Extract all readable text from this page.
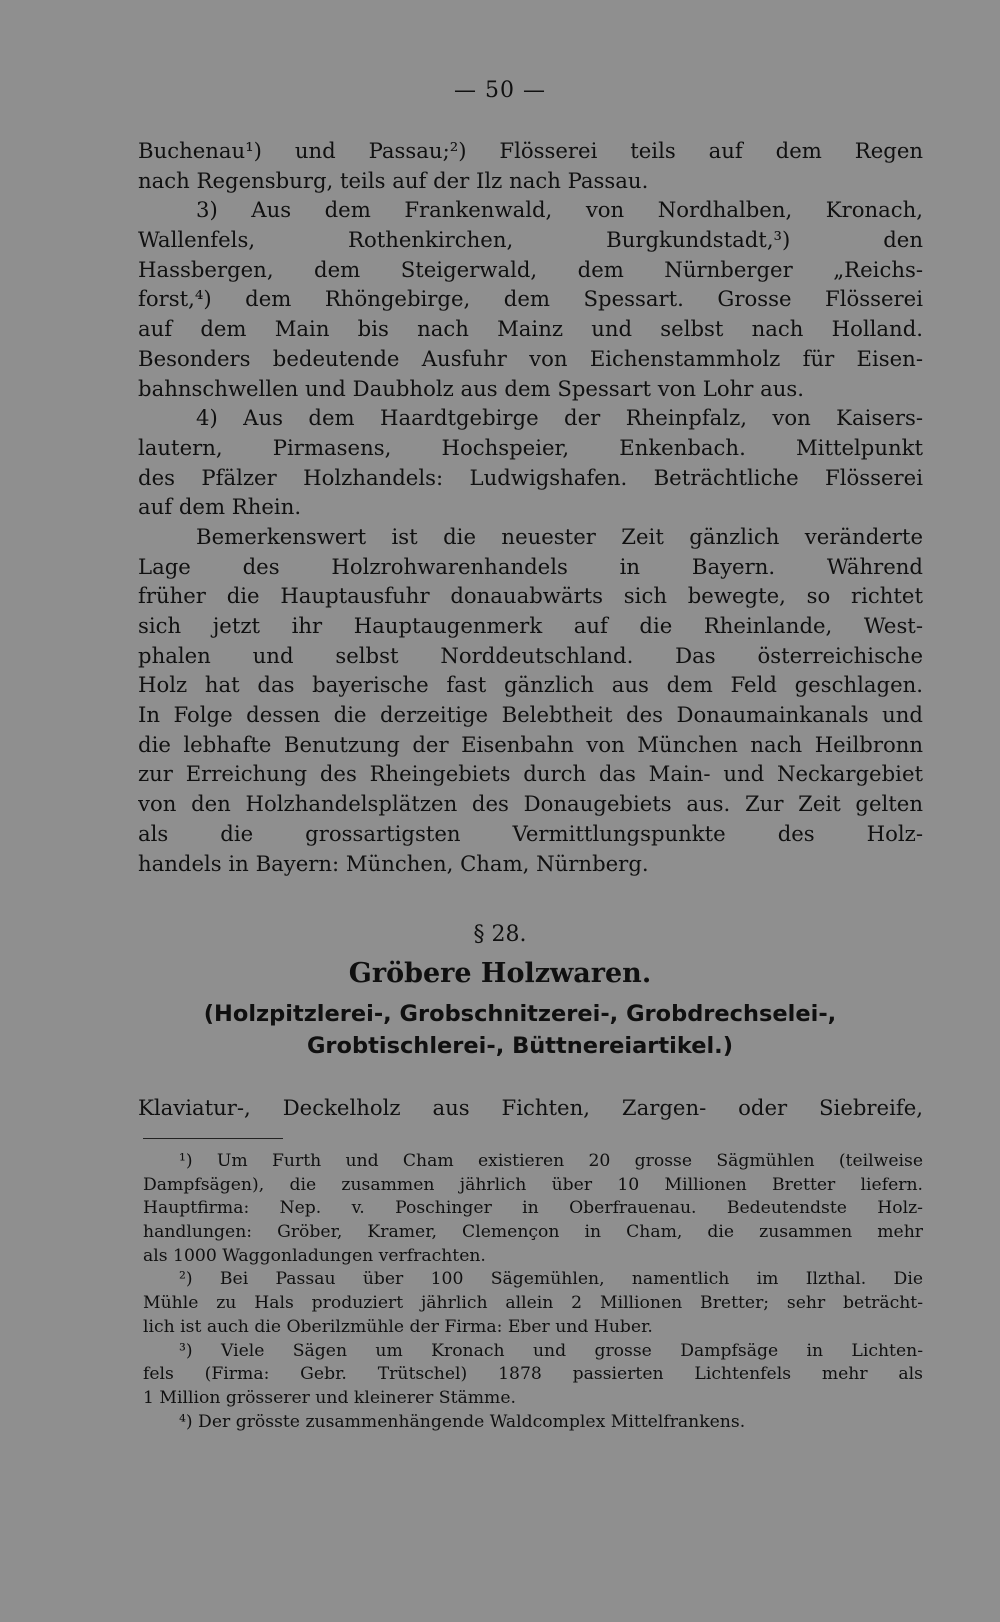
— 50 —
Buchenau¹) und Passau;²) Flösserei teils auf dem Regen
nach Regensburg, teils auf der Ilz nach Passau.
3) Aus dem Frankenwald, von Nordhalben, Kronach,
Wallenfels, Rothenkirchen, Burgkundstadt,³) den
Hassbergen, dem Steigerwald, dem Nürnberger „Reichs-
forst,⁴) dem Rhöngebirge, dem Spessart. Grosse Flösserei
auf dem Main bis nach Mainz und selbst nach Holland.
Besonders bedeutende Ausfuhr von Eichenstammholz für Eisen-
bahnschwellen und Daubholz aus dem Spessart von Lohr aus.
4) Aus dem Haardtgebirge der Rheinpfalz, von Kaisers-
lautern, Pirmasens, Hochspeier, Enkenbach. Mittelpunkt
des Pfälzer Holzhandels: Ludwigshafen. Beträchtliche Flösserei
auf dem Rhein.
Bemerkenswert ist die neuester Zeit gänzlich veränderte
Lage des Holzrohwarenhandels in Bayern. Während
früher die Hauptausfuhr donauabwärts sich bewegte, so richtet
sich jetzt ihr Hauptaugenmerk auf die Rheinlande, West-
phalen und selbst Norddeutschland. Das österreichische
Holz hat das bayerische fast gänzlich aus dem Feld geschlagen.
In Folge dessen die derzeitige Belebtheit des Donaumainkanals und
die lebhafte Benutzung der Eisenbahn von München nach Heilbronn
zur Erreichung des Rheingebiets durch das Main- und Neckargebiet
von den Holzhandelsplätzen des Donaugebiets aus. Zur Zeit gelten
als die grossartigsten Vermittlungspunkte des Holz-
handels in Bayern: München, Cham, Nürnberg.
§ 28.
Gröbere Holzwaren.
(Holzpitzlerei-, Grobschnitzerei-, Grobdrechselei-, Grobtischlerei-, Büttnereiartikel.)

Klaviatur-, Deckelholz aus Fichten, Zargen- oder Siebreife,
¹) Um Furth und Cham existieren 20 grosse Sägmühlen (teilweise
Dampfsägen), die zusammen jährlich über 10 Millionen Bretter liefern.
Hauptfirma: Nep. v. Poschinger in Oberfrauenau. Bedeutendste Holz-
handlungen: Gröber, Kramer, Clemençon in Cham, die zusammen mehr
als 1000 Waggonladungen verfrachten.
²) Bei Passau über 100 Sägemühlen, namentlich im Ilzthal. Die
Mühle zu Hals produziert jährlich allein 2 Millionen Bretter; sehr beträcht-
lich ist auch die Oberilzmühle der Firma: Eber und Huber.
³) Viele Sägen um Kronach und grosse Dampfsäge in Lichten-
fels (Firma: Gebr. Trütschel) 1878 passierten Lichtenfels mehr als
1 Million grösserer und kleinerer Stämme.
⁴) Der grösste zusammenhängende Waldcomplex Mittelfrankens.
